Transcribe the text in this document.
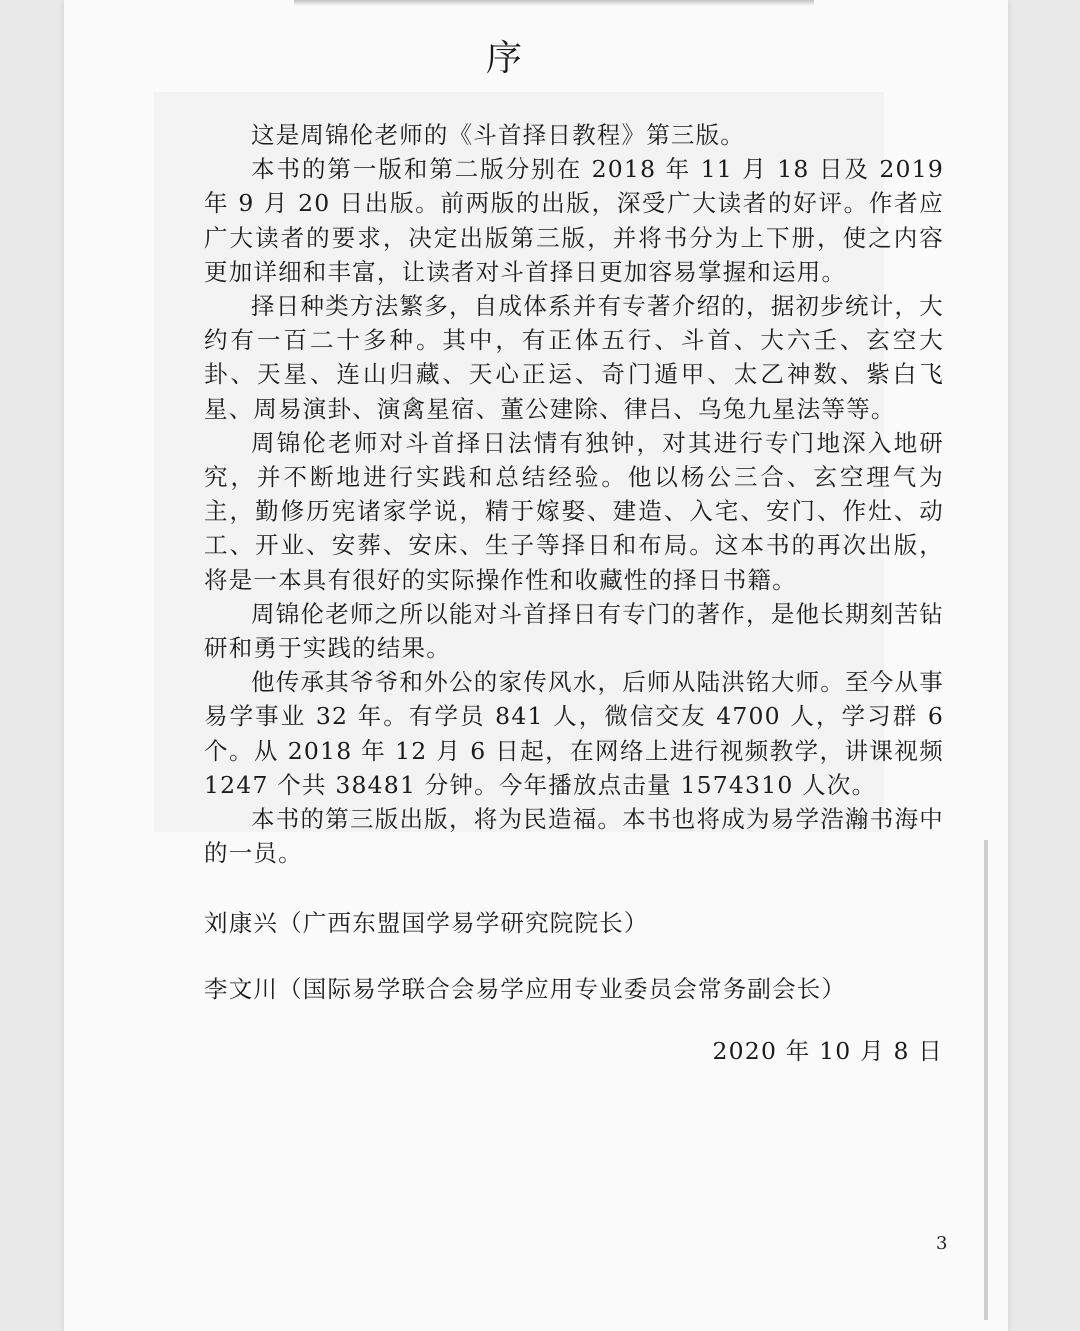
序

这是周锦伦老师的《斗首择日教程》第三版。

本书的第一版和第二版分别在 2018 年 11 月 18 日及 2019 年 9 月 20 日出版。前两版的出版，深受广大读者的好评。作者应广大读者的要求，决定出版第三版，并将书分为上下册，使之内容更加详细和丰富，让读者对斗首择日更加容易掌握和运用。

择日种类方法繁多，自成体系并有专著介绍的，据初步统计，大约有一百二十多种。其中，有正体五行、斗首、大六壬、玄空大卦、天星、连山归藏、天心正运、奇门遁甲、太乙神数、紫白飞星、周易演卦、演禽星宿、董公建除、律吕、乌兔九星法等等。

周锦伦老师对斗首择日法情有独钟，对其进行专门地深入地研究，并不断地进行实践和总结经验。他以杨公三合、玄空理气为主，勤修历宪诸家学说，精于嫁娶、建造、入宅、安门、作灶、动工、开业、安葬、安床、生子等择日和布局。这本书的再次出版，将是一本具有很好的实际操作性和收藏性的择日书籍。

周锦伦老师之所以能对斗首择日有专门的著作，是他长期刻苦钻研和勇于实践的结果。

他传承其爷爷和外公的家传风水，后师从陆洪铭大师。至今从事易学事业 32 年。有学员 841 人，微信交友 4700 人，学习群 6 个。从 2018 年 12 月 6 日起，在网络上进行视频教学，讲课视频 1247 个共 38481 分钟。今年播放点击量 1574310 人次。

本书的第三版出版，将为民造福。本书也将成为易学浩瀚书海中的一员。

刘康兴（广西东盟国学易学研究院院长）
李文川（国际易学联合会易学应用专业委员会常务副会长）
2020 年 10 月 8 日
3
